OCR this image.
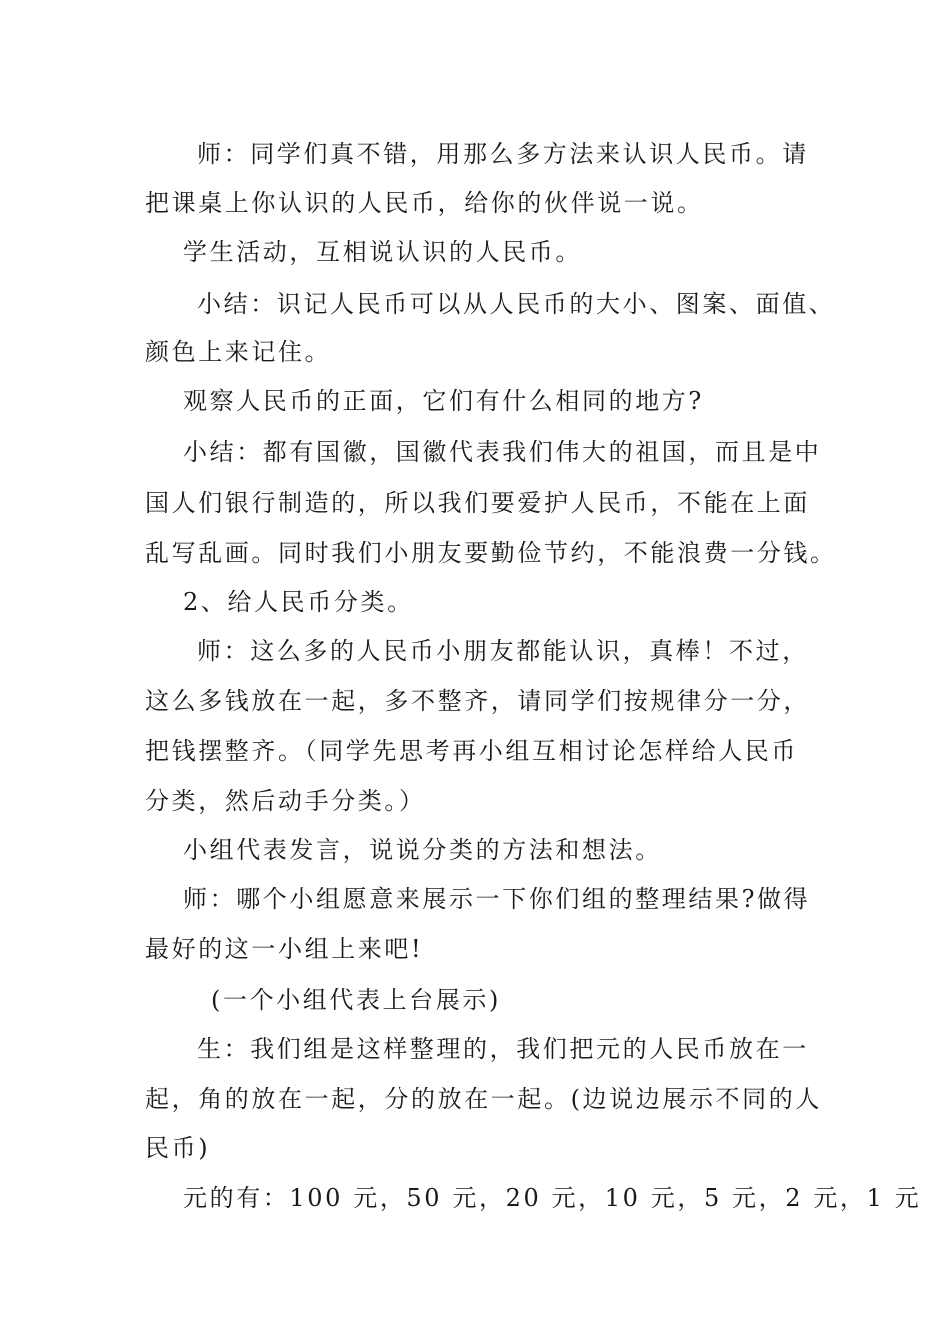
师：同学们真不错，用那么多方法来认识人民币。请
把课桌上你认识的人民币，给你的伙伴说一说。
学生活动，互相说认识的人民币。
小结：识记人民币可以从人民币的大小、图案、面值、
颜色上来记住。
观察人民币的正面，它们有什么相同的地方?
小结：都有国徽，国徽代表我们伟大的祖国，而且是中
国人们银行制造的，所以我们要爱护人民币，不能在上面
乱写乱画。同时我们小朋友要勤俭节约，不能浪费一分钱。
2、给人民币分类。
师：这么多的人民币小朋友都能认识，真棒！不过，
这么多钱放在一起，多不整齐，请同学们按规律分一分，
把钱摆整齐。（同学先思考再小组互相讨论怎样给人民币
分类，然后动手分类。）
小组代表发言，说说分类的方法和想法。
师：哪个小组愿意来展示一下你们组的整理结果?做得
最好的这一小组上来吧!
(一个小组代表上台展示)
生：我们组是这样整理的，我们把元的人民币放在一
起，角的放在一起，分的放在一起。(边说边展示不同的人
民币)
元的有：100 元，50 元，20 元，10 元，5 元，2 元，1 元
